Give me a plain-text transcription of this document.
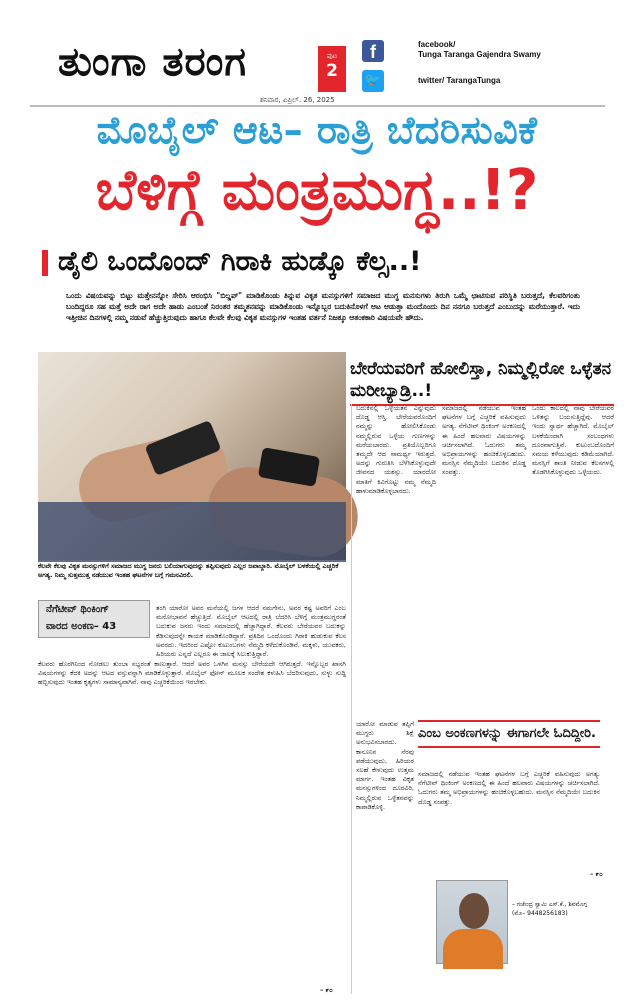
ತುಂಗಾ ತರಂಗ	ಪುಟ
2
f
🐦
facebook/
Tunga Taranga Gajendra Swamy
twitter/ TarangaTunga
ಶನಿವಾರ, ಏಪ್ರಿಲ್. 26, 2025
ಮೊಬೈಲ್ ಆಟ– ರಾತ್ರಿ ಬೆದರಿಸುವಿಕೆ
ಬೆಳಿಗ್ಗೆ ಮಂತ್ರಮುಗ್ಧ..!?
ಡೈಲಿ ಒಂದೊಂದ್ ಗಿರಾಕಿ ಹುಡ್ಕೊ ಕೆಲ್ಸ..!
ಒಂದು ವಿಷಯವನ್ನು ಬಿಟ್ಟು ಮತ್ತೇನನ್ನೋ ಸೇರಿಸಿ ಆರಂಭಿಸಿ "ಬಿಲ್ಡಪ್" ಮಾಡಿಕೊಂಡು ತಿನ್ನುವ ವಿಕೃತ ಮನಸ್ಸುಗಳಿಗೆ ಸಮಾಜದ ಮುಗ್ಧ ಮನಸುಗಳು ತಿರುಗಿ ಒಮ್ಮೆ ಛಾಟಿಸುವ ಪರಿಸ್ಥಿತಿ ಬರುತ್ತದೆ, ಕೆಲವರಿಗಂತು ಬಂದಿದ್ದರೂ ಸಹ ಮತ್ತೆ ಅದೇ ರಾಗ ಅದೇ ಹಾಡು ಎಂಬಂತೆ ನಿರಂತರ ತಮ್ಮತನವನ್ನು ಮಾಡಿಕೊಂಡು ಇನ್ನೊಬ್ಬರ ಬದುಕಿನೊಳಗೆ ಆಟ ಆಡುತ್ತಾ ಮಂದೊಂದು ದಿನ ನನಗೂ ಬರುತ್ತದೆ ಎಂಬುದನ್ನು ಮರೆಯುತ್ತಾರೆ. ಇದು ಇತ್ತೀಚಿನ ದಿನಗಳಲ್ಲಿ ನಮ್ಮ ನಡುವೆ ಹೆಚ್ಚುತ್ತಿರುವುದು ಹಾಗೂ ಕೆಲವೇ ಕೆಲವು ವಿಕೃತ ಮನಸ್ಸುಗಳ ಇಂತಹ ವರ್ತನೆ ನಿಜಕ್ಕೂ ಆತಂಕಕಾರಿ ವಿಷಯವೇ ಹೌದು.
ಕೆಲವೇ ಕೆಲವು ವಿಕೃತ ಮನಸ್ಸುಗಳಿಗೆ ಸಮಾಜದ ಮುಗ್ಧ ಜನರು ಬಲಿಯಾಗುವುದನ್ನು ತಪ್ಪಿಸುವುದು ಎಲ್ಲರ ಜವಾಬ್ದಾರಿ. ಮೊಬೈಲ್ ಬಳಕೆಯಲ್ಲಿ ಎಚ್ಚರಿಕೆ ಅಗತ್ಯ. ನಿಮ್ಮ ಸುತ್ತಮುತ್ತ ನಡೆಯುವ ಇಂತಹ ಘಟನೆಗಳ ಬಗ್ಗೆ ಗಮನವಿರಲಿ.
ನೆಗೆಟೀವ್ ಥಿಂಕಿಂಗ್
ವಾರದ ಅಂಕಣ– 43
ಬೇರೆಯವರಿಗೆ ಹೋಲಿಸ್ತಾ, ನಿಮ್ಮಲ್ಲಿರೋ ಒಳ್ಳೆತನ ಮರೀಬ್ಯಾಡ್ರಿ..!
ತಂಗಿ ಯಾರೋ ಅವರ ಮನೆಯಲ್ಲಿ ಜಗಳ ಆದರೆ ನಮಗೇನು, ಅವರ ಕಷ್ಟ ಅವರಿಗೆ ಎಂಬ ಮನೋಭಾವನೆ ಹೆಚ್ಚುತ್ತಿದೆ. ಮೊಬೈಲ್ ಆಟದಲ್ಲಿ ರಾತ್ರಿ ಬೆದರಿಸಿ ಬೆಳಿಗ್ಗೆ ಮಂತ್ರಮುಗ್ಧರಂತೆ ಬದುಕುವ ಜನರು ಇಂದು ಸಮಾಜದಲ್ಲಿ ಹೆಚ್ಚಾಗಿದ್ದಾರೆ. ಕೆಲವರು ಬೇರೆಯವರ ಬದುಕನ್ನು ಕೆಡಿಸುವುದನ್ನೇ ಕಾಯಕ ಮಾಡಿಕೊಂಡಿದ್ದಾರೆ. ಪ್ರತಿದಿನ ಒಂದೊಂದು ಗಿರಾಕಿ ಹುಡುಕುವ ಕೆಲಸ ಅವರದು. ಇದರಿಂದ ಎಷ್ಟೋ ಕುಟುಂಬಗಳು ನೆಮ್ಮದಿ ಕಳೆದುಕೊಂಡಿವೆ. ಮಕ್ಕಳು, ಯುವಕರು, ಹಿರಿಯರು ಎನ್ನದೆ ಎಲ್ಲರೂ ಈ ಜಾಲಕ್ಕೆ ಸಿಲುಕುತ್ತಿದ್ದಾರೆ.
ಕೆಲವರು ಹೊರಗಿನಿಂದ ನೋಡಲು ತುಂಬಾ ಸಭ್ಯರಂತೆ ಕಾಣುತ್ತಾರೆ. ಆದರೆ ಅವರ ಒಳಗಿನ ಮನಸ್ಸು ಬೇರೆಯದೇ ಆಗಿರುತ್ತದೆ. ಇನ್ನೊಬ್ಬರ ಖಾಸಗಿ ವಿಷಯಗಳನ್ನು ಕೆದಕಿ ಅದನ್ನು ಆಟದ ವಸ್ತುವನ್ನಾಗಿ ಮಾಡಿಕೊಳ್ಳುತ್ತಾರೆ. ಮೊಬೈಲ್ ಫೋನ್ ಮೂಲಕ ಸಂದೇಶ ಕಳುಹಿಸಿ ಬೆದರಿಸುವುದು, ಸುಳ್ಳು ಸುದ್ದಿ ಹಬ್ಬಿಸುವುದು ಇಂತಹ ಕೃತ್ಯಗಳು ಸಾಮಾನ್ಯವಾಗಿವೆ. ನಾವು ಎಚ್ಚರಿಕೆಯಿಂದ ಇರಬೇಕು.
ಬದುಕಿನಲ್ಲಿ ಒಳ್ಳೆಯತನ ಎನ್ನುವುದು ದೊಡ್ಡ ಆಸ್ತಿ. ಬೇರೆಯವರೊಂದಿಗೆ ನಮ್ಮನ್ನು ಹೋಲಿಸಿಕೊಂಡು ನಮ್ಮಲ್ಲಿರುವ ಒಳ್ಳೆಯ ಗುಣಗಳನ್ನು ಮರೆಯಬಾರದು. ಪ್ರತಿಯೊಬ್ಬರಿಗೂ ತಮ್ಮದೇ ಆದ ಸಾಮರ್ಥ್ಯ ಇರುತ್ತದೆ. ಅದನ್ನು ಗುರುತಿಸಿ ಬೆಳೆಸಿಕೊಳ್ಳುವುದೇ ಜೀವನದ ಯಶಸ್ಸು. ಯಾರದೋ ಮಾತಿಗೆ ಕಿವಿಗೊಟ್ಟು ನಮ್ಮ ನೆಮ್ಮದಿ ಹಾಳುಮಾಡಿಕೊಳ್ಳಬಾರದು.
ಸಮಾಜದಲ್ಲಿ ನಡೆಯುವ ಇಂತಹ ಘಟನೆಗಳ ಬಗ್ಗೆ ಎಚ್ಚರಿಕೆ ವಹಿಸುವುದು ಅಗತ್ಯ. ನೆಗೆಟೀವ್ ಥಿಂಕಿಂಗ್ ಅಂಕಣದಲ್ಲಿ ಈ ಹಿಂದೆ ಹಲವಾರು ವಿಷಯಗಳನ್ನು ಚರ್ಚಿಸಲಾಗಿದೆ. ಓದುಗರು ತಮ್ಮ ಅಭಿಪ್ರಾಯಗಳನ್ನು ಹಂಚಿಕೊಳ್ಳಬಹುದು. ಮನಸ್ಸಿನ ನೆಮ್ಮದಿಯೇ ಬದುಕಿನ ದೊಡ್ಡ ಸಂಪತ್ತು.
ಒಂದು ಕಾಲದಲ್ಲಿ ನಾವು ಬೇರೆಯವರ ಒಳಿತನ್ನು ಬಯಸುತ್ತಿದ್ದೆವು. ಆದರೆ ಇಂದು ಸ್ವಾರ್ಥ ಹೆಚ್ಚಾಗಿದೆ. ಮೊಬೈಲ್ ಬಳಕೆಯಿಂದಾಗಿ ಸಂಬಂಧಗಳು ದೂರವಾಗುತ್ತಿವೆ. ಕುಟುಂಬದೊಂದಿಗೆ ಸಮಯ ಕಳೆಯುವುದು ಕಡಿಮೆಯಾಗಿದೆ. ಮನಸ್ಸಿಗೆ ಶಾಂತಿ ನೀಡುವ ಕೆಲಸಗಳಲ್ಲಿ ತೊಡಗಿಸಿಕೊಳ್ಳುವುದು ಒಳ್ಳೆಯದು.
ಎಂಬ ಅಂಕಣಗಳನ್ನು ಈಗಾಗಲೇ ಓದಿದ್ದೀರಿ.
ಯಾರೋ ಮಾಡುವ ತಪ್ಪಿಗೆ ಮುಗ್ಧರು ಶಿಕ್ಷೆ ಅನುಭವಿಸಬಾರದು. ಕಾನೂನಿನ ನೆರವು ಪಡೆಯುವುದು, ಹಿರಿಯರ ಸಲಹೆ ಕೇಳುವುದು ಉತ್ತಮ ಮಾರ್ಗ. ಇಂತಹ ವಿಕೃತ ಮನಸ್ಸುಗಳಿಂದ ದೂರವಿರಿ, ನಿಮ್ಮಲ್ಲಿರುವ ಒಳ್ಳೆತನವನ್ನು ಕಾಪಾಡಿಕೊಳ್ಳಿ.
ಸಮಾಜದಲ್ಲಿ ನಡೆಯುವ ಇಂತಹ ಘಟನೆಗಳ ಬಗ್ಗೆ ಎಚ್ಚರಿಕೆ ವಹಿಸುವುದು ಅಗತ್ಯ. ನೆಗೆಟೀವ್ ಥಿಂಕಿಂಗ್ ಅಂಕಣದಲ್ಲಿ ಈ ಹಿಂದೆ ಹಲವಾರು ವಿಷಯಗಳನ್ನು ಚರ್ಚಿಸಲಾಗಿದೆ. ಓದುಗರು ತಮ್ಮ ಅಭಿಪ್ರಾಯಗಳನ್ನು ಹಂಚಿಕೊಳ್ಳಬಹುದು. ಮನಸ್ಸಿನ ನೆಮ್ಮದಿಯೇ ಬದುಕಿನ ದೊಡ್ಡ ಸಂಪತ್ತು.
– ಗಜೇಂದ್ರ ಸ್ವಾಮಿ ಎಸ್.ಕೆ., ಶಿವಮೊಗ್ಗ
(ಮೊ– 9448256183)
– ೯೦
– ೯೦
